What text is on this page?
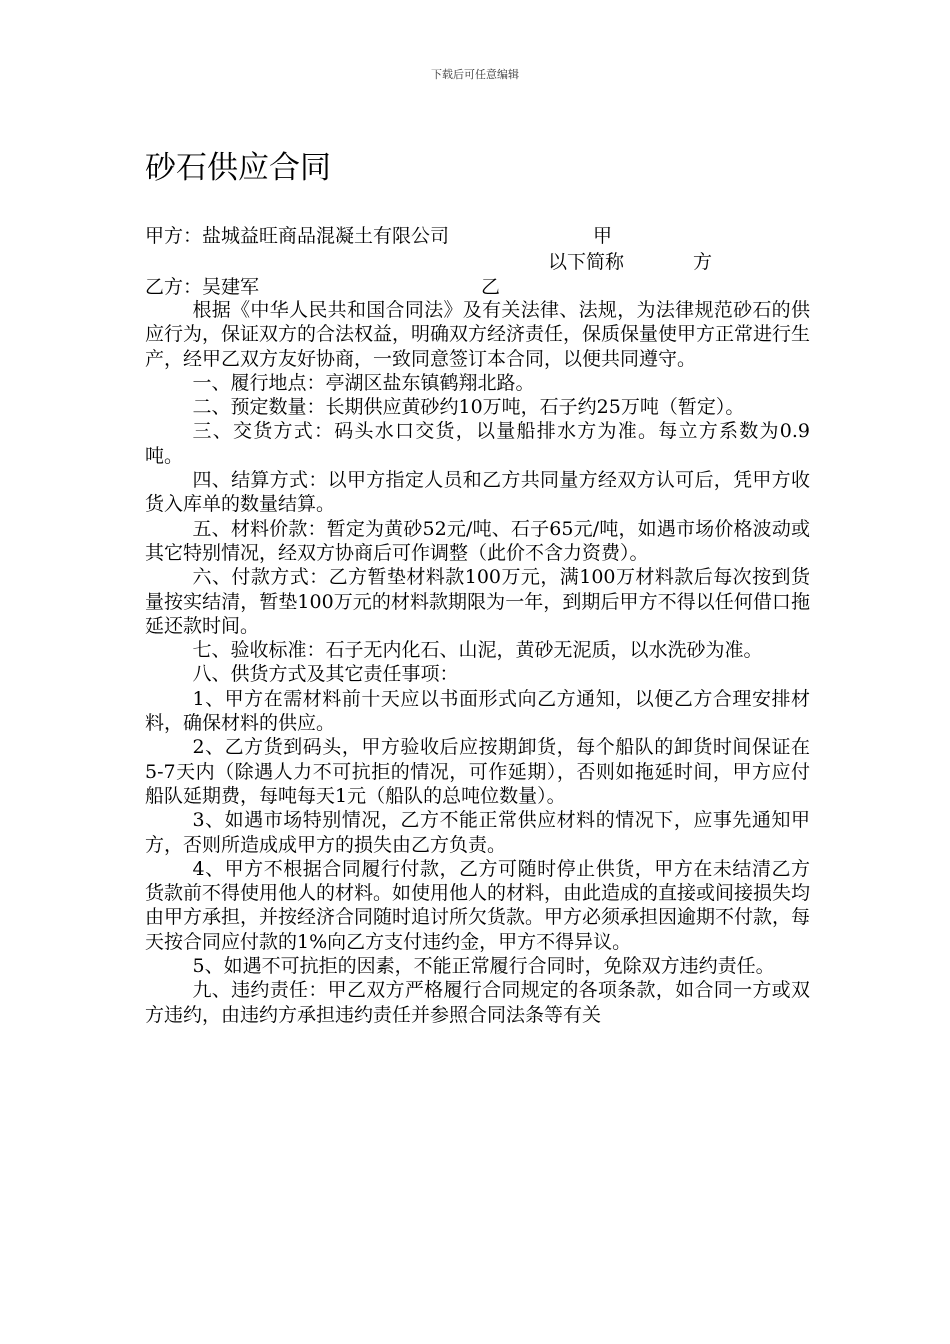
下载后可任意编辑
砂石供应合同
甲方：盐城益旺商品混凝土有限公司	甲
以下简称	方
乙方：吴建军	乙

根据《中华人民共和国合同法》及有关法律、法规，为法律规范砂石的供应行为，保证双方的合法权益，明确双方经济责任，保质保量使甲方正常进行生产，经甲乙双方友好协商，一致同意签订本合同，以便共同遵守。

一、履行地点：亭湖区盐东镇鹤翔北路。

二、预定数量：长期供应黄砂约10万吨，石子约25万吨（暂定）。

三、交货方式：码头水口交货，以量船排水方为准。每立方系数为0.9吨。

四、结算方式：以甲方指定人员和乙方共同量方经双方认可后，凭甲方收货入库单的数量结算。

五、材料价款：暂定为黄砂52元/吨、石子65元/吨，如遇市场价格波动或其它特别情况，经双方协商后可作调整（此价不含力资费）。

六、付款方式：乙方暂垫材料款100万元，满100万材料款后每次按到货量按实结清，暂垫100万元的材料款期限为一年，到期后甲方不得以任何借口拖延还款时间。

七、验收标准：石子无内化石、山泥，黄砂无泥质，以水洗砂为准。

八、供货方式及其它责任事项：

1、甲方在需材料前十天应以书面形式向乙方通知，以便乙方合理安排材料，确保材料的供应。

2、乙方货到码头，甲方验收后应按期卸货，每个船队的卸货时间保证在5-7天内（除遇人力不可抗拒的情况，可作延期），否则如拖延时间，甲方应付船队延期费，每吨每天1元（船队的总吨位数量）。

3、如遇市场特别情况，乙方不能正常供应材料的情况下，应事先通知甲方，否则所造成成甲方的损失由乙方负责。

4、甲方不根据合同履行付款，乙方可随时停止供货，甲方在未结清乙方货款前不得使用他人的材料。如使用他人的材料，由此造成的直接或间接损失均由甲方承担，并按经济合同随时追讨所欠货款。甲方必须承担因逾期不付款，每天按合同应付款的1%向乙方支付违约金，甲方不得异议。

5、如遇不可抗拒的因素，不能正常履行合同时，免除双方违约责任。

九、违约责任：甲乙双方严格履行合同规定的各项条款，如合同一方或双方违约，由违约方承担违约责任并参照合同法条等有关
